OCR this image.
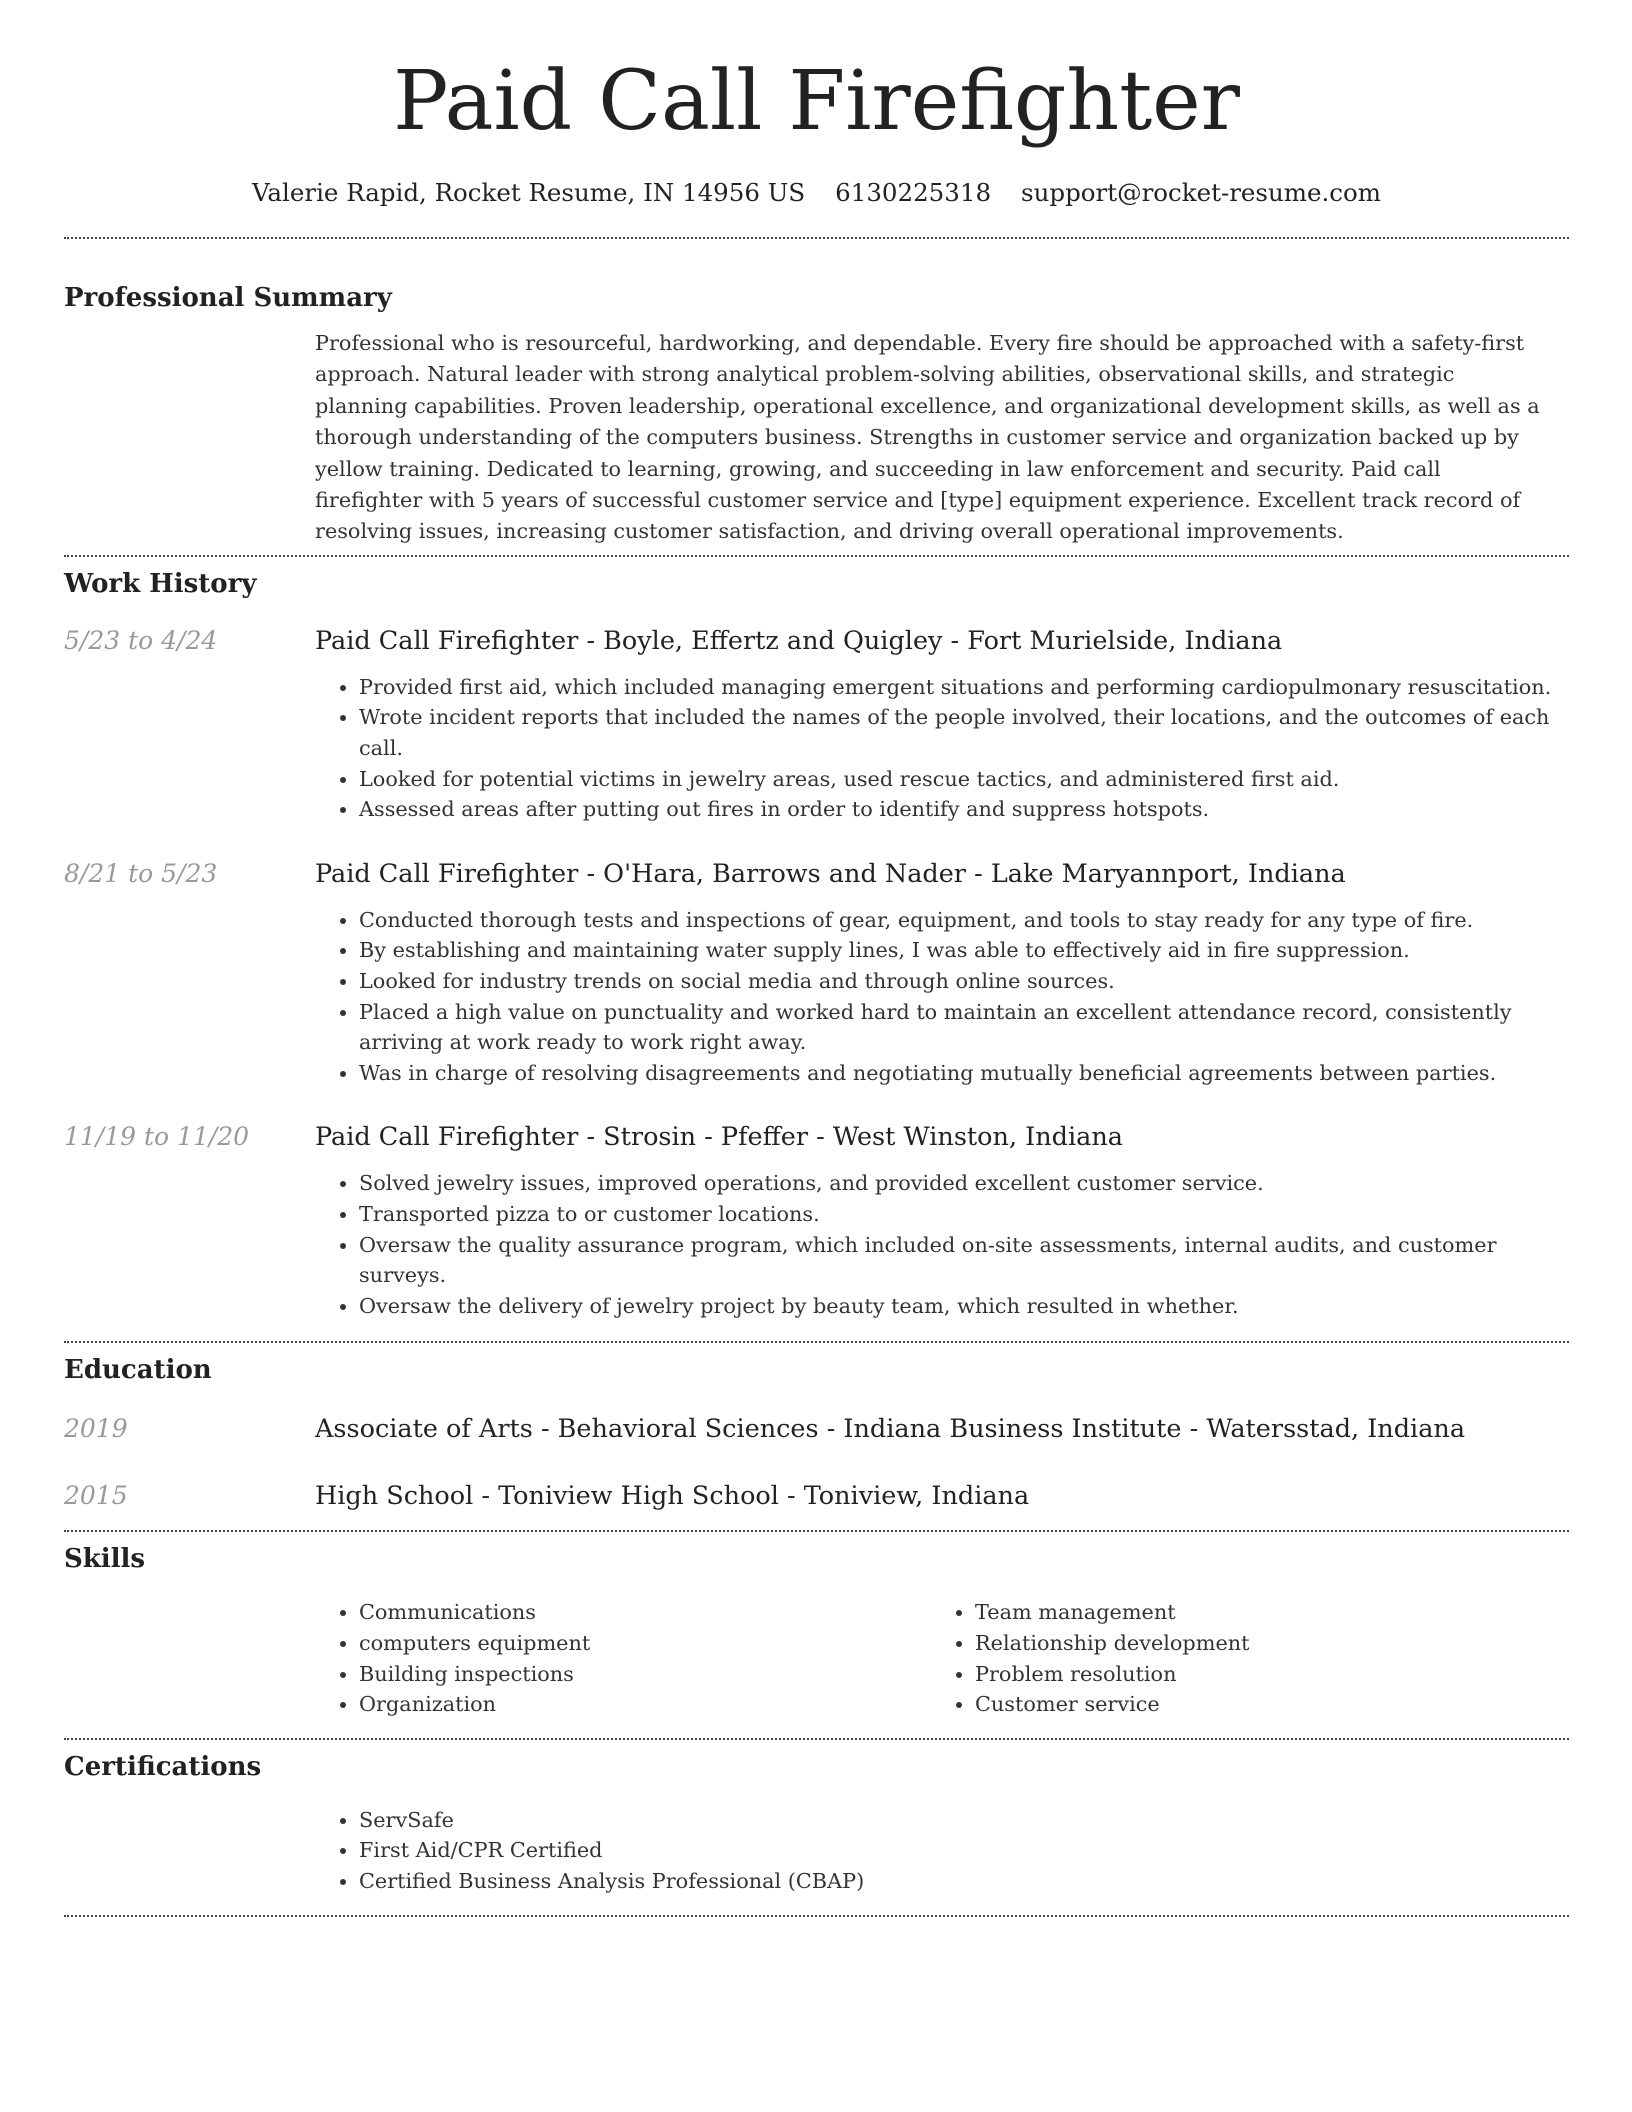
Paid Call Firefighter
Valerie Rapid, Rocket Resume, IN 14956 US 6130225318 support@rocket-resume.com
Professional Summary
Professional who is resourceful, hardworking, and dependable. Every fire should be approached with a safety-first approach. Natural leader with strong analytical problem-solving abilities, observational skills, and strategic planning capabilities. Proven leadership, operational excellence, and organizational development skills, as well as a thorough understanding of the computers business. Strengths in customer service and organization backed up by yellow training. Dedicated to learning, growing, and succeeding in law enforcement and security. Paid call firefighter with 5 years of successful customer service and [type] equipment experience. Excellent track record of resolving issues, increasing customer satisfaction, and driving overall operational improvements.
Work History
5/23 to 4/24	Paid Call Firefighter - Boyle, Effertz and Quigley - Fort Murielside, Indiana
• Provided first aid, which included managing emergent situations and performing cardiopulmonary resuscitation.
• Wrote incident reports that included the names of the people involved, their locations, and the outcomes of each call.
• Looked for potential victims in jewelry areas, used rescue tactics, and administered first aid.
• Assessed areas after putting out fires in order to identify and suppress hotspots.
8/21 to 5/23	Paid Call Firefighter - O'Hara, Barrows and Nader - Lake Maryannport, Indiana
• Conducted thorough tests and inspections of gear, equipment, and tools to stay ready for any type of fire.
• By establishing and maintaining water supply lines, I was able to effectively aid in fire suppression.
• Looked for industry trends on social media and through online sources.
• Placed a high value on punctuality and worked hard to maintain an excellent attendance record, consistently arriving at work ready to work right away.
• Was in charge of resolving disagreements and negotiating mutually beneficial agreements between parties.
11/19 to 11/20	Paid Call Firefighter - Strosin - Pfeffer - West Winston, Indiana
• Solved jewelry issues, improved operations, and provided excellent customer service.
• Transported pizza to or customer locations.
• Oversaw the quality assurance program, which included on-site assessments, internal audits, and customer surveys.
• Oversaw the delivery of jewelry project by beauty team, which resulted in whether.
Education
2019	Associate of Arts - Behavioral Sciences - Indiana Business Institute - Watersstad, Indiana
2015	High School - Toniview High School - Toniview, Indiana
Skills
• Communications
• computers equipment
• Building inspections
• Organization
• Team management
• Relationship development
• Problem resolution
• Customer service
Certifications
• ServSafe
• First Aid/CPR Certified
• Certified Business Analysis Professional (CBAP)
